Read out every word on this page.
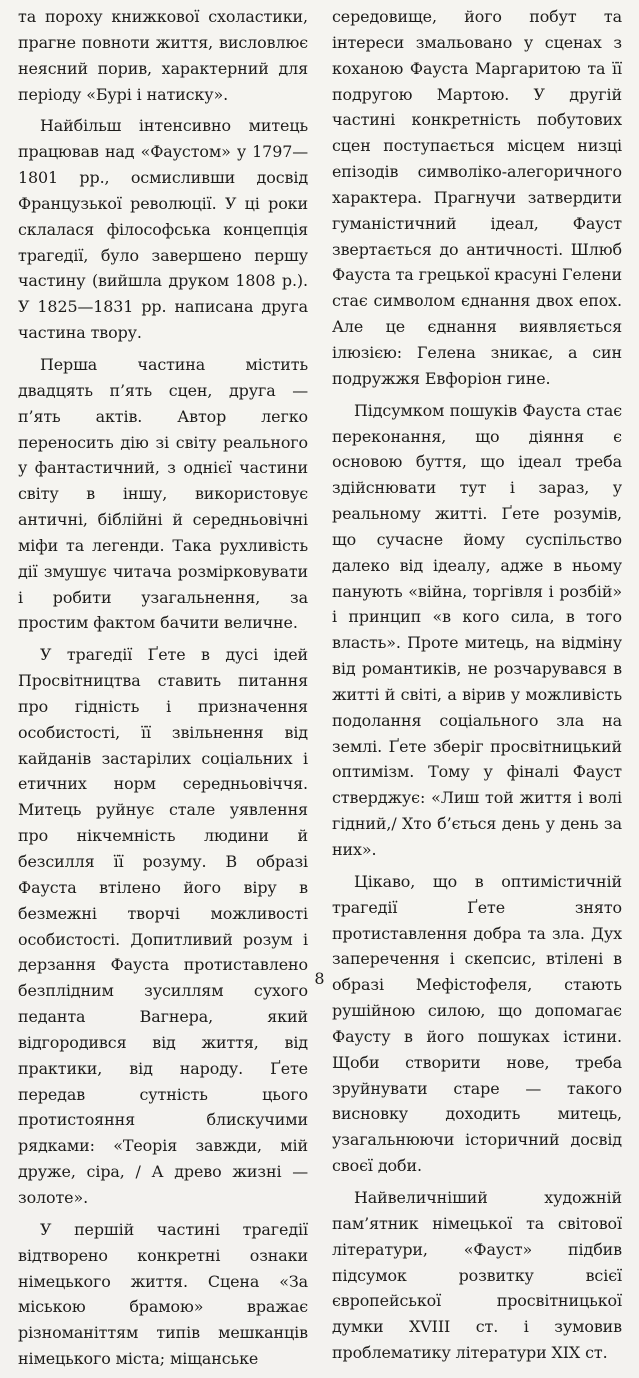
та пороху книжкової схоластики, прагне повноти життя, висловлює неясний порив, характерний для періоду «Бурі і натиску».

Найбільш інтенсивно митець працював над «Фаустом» у 1797—1801 рр., осмисливши досвід Французької революції. У ці роки склалася філософська концепція трагедії, було завершено першу частину (вийшла друком 1808 р.). У 1825—1831 рр. написана друга частина твору.

Перша частина містить двадцять п’ять сцен, друга — п’ять актів. Автор легко переносить дію зі світу реального у фантастичний, з однієї частини світу в іншу, використовує античні, біблійні й середньовічні міфи та легенди. Така рухливість дії змушує читача розмірковувати і робити узагальнення, за простим фактом бачити величне.

У трагедії Ґете в дусі ідей Просвітництва ставить питання про гідність і призначення особистості, її звільнення від кайданів застарілих соціальних і етичних норм середньовіччя. Митець руйнує стале уявлення про нікчемність людини й безсилля її розуму. В образі Фауста втілено його віру в безмежні творчі можливості особистості. Допитливий розум і дерзання Фауста протиставлено безплідним зусиллям сухого педанта Вагнера, який відгородився від життя, від практики, від народу. Ґете передав сутність цього протистояння блискучими рядками: «Теорія завжди, мій друже, сіра, / А древо жизні — золоте».

У першій частині трагедії відтворено конкретні ознаки німецького життя. Сцена «За міською брамою» вражає різноманіттям типів мешканців німецького міста; міщанське

середовище, його побут та інтереси змальовано у сценах з коханою Фауста Маргаритою та її подругою Мартою. У другій частині конкретність побутових сцен поступається місцем низці епізодів символіко-алегоричного характера. Прагнучи затвердити гуманістичний ідеал, Фауст звертається до античності. Шлюб Фауста та грецької красуні Гелени стає символом єднання двох епох. Але це єднання виявляється ілюзією: Гелена зникає, а син подружжя Евфоріон гине.

Підсумком пошуків Фауста стає переконання, що діяння є основою буття, що ідеал треба здійснювати тут і зараз, у реальному житті. Ґете розумів, що сучасне йому суспільство далеко від ідеалу, адже в ньому панують «війна, торгівля і розбій» і принцип «в кого сила, в того власть». Проте митець, на відміну від романтиків, не розчарувався в житті й світі, а вірив у можливість подолання соціального зла на землі. Ґете зберіг просвітницький оптимізм. Тому у фіналі Фауст стверджує: «Лиш той життя і волі гідний,/ Хто б’ється день у день за них».

Цікаво, що в оптимістичній трагедії Ґете знято протиставлення добра та зла. Дух заперечення і скепсис, втілені в образі Мефістофеля, стають рушійною силою, що допомагає Фаусту в його пошуках істини. Щоби створити нове, треба зруйнувати старе — такого висновку доходить митець, узагальнюючи історичний досвід своєї доби.

Найвеличніший художній пам’ятник німецької та світової літератури, «Фауст» підбив підсумок розвитку всієї європейської просвітницької думки XVIII ст. і зумовив проблематику літератури XIX ст.

8
